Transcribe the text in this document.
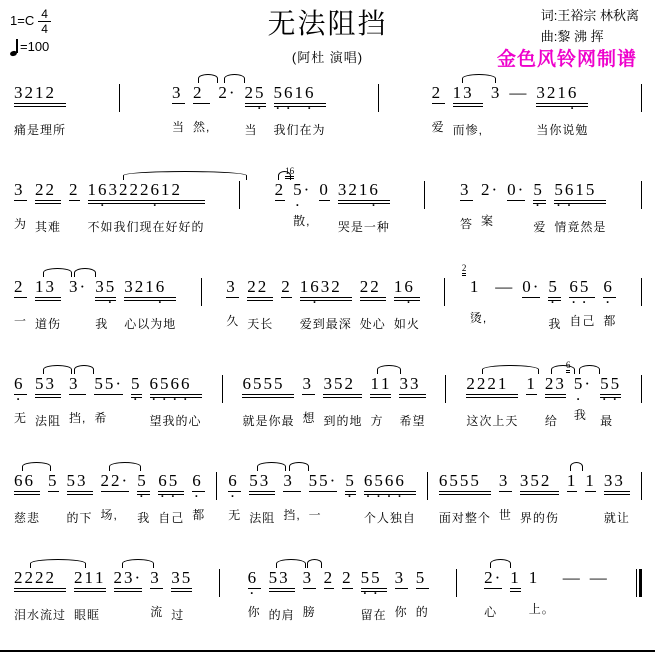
$1=C \frac{4}{4}$
=100
无法阻挡
(阿杜 演唱)
词:王裕宗 林秋离
曲:黎 沸 挥
金色风铃网制谱
3212
痛是理所
3
当
2
然,
2· 25 ·
当
5 ·6 ·16 ·
我们在为
2
爱
13
而惨,
3 — 3216 ·
当你说勉
3
为
22
其难
2 16 ·32226 ·12
不如我们现在好好的
2
16
5 ··
散,
0 3216 ·
哭是一种
3
答
2·
案
0· 5 ·
爱
5 ·6 ·15
情竟然是
2
一
13
道伤
3· 35 ·
我
3216 ·
心以为地
3
久
22
天长
2 16 ·32
爱到最深
22
处心
16 ·
如火
2
1
烫,
— 0· 5 ·
我
6 ·5 ·
自己
6 ·
都
6 ·
无
53
法阻
3
挡,
55·
希
5 · 6 ·5 ·6 ·6 ·
望我的心
6555
就是你最
3
想
352
到的地
11
方
33
希望
2221
这次上天
1 23
给
6
5 ··
我
5 ·5 ·
最
66
慈悲
5 53
的下
22·
场,
5 ·
我
6 ·5 ·
自己
6 ·
都
6 ·
无
53
法阻
3
挡,
55·
一
5 · 6 ·5 ·6 ·6 ·
个人独自
6555
面对整个
3
世
352
界的伤
1 1 33
就让
2222
泪水流过
211
眼眶
23· 3
流
35
过
6 ·
你
53
的肩
3
膀
2 2 5 ·5 ·
留在
3
你
5
的
2·
心
1 1
上。
— —
